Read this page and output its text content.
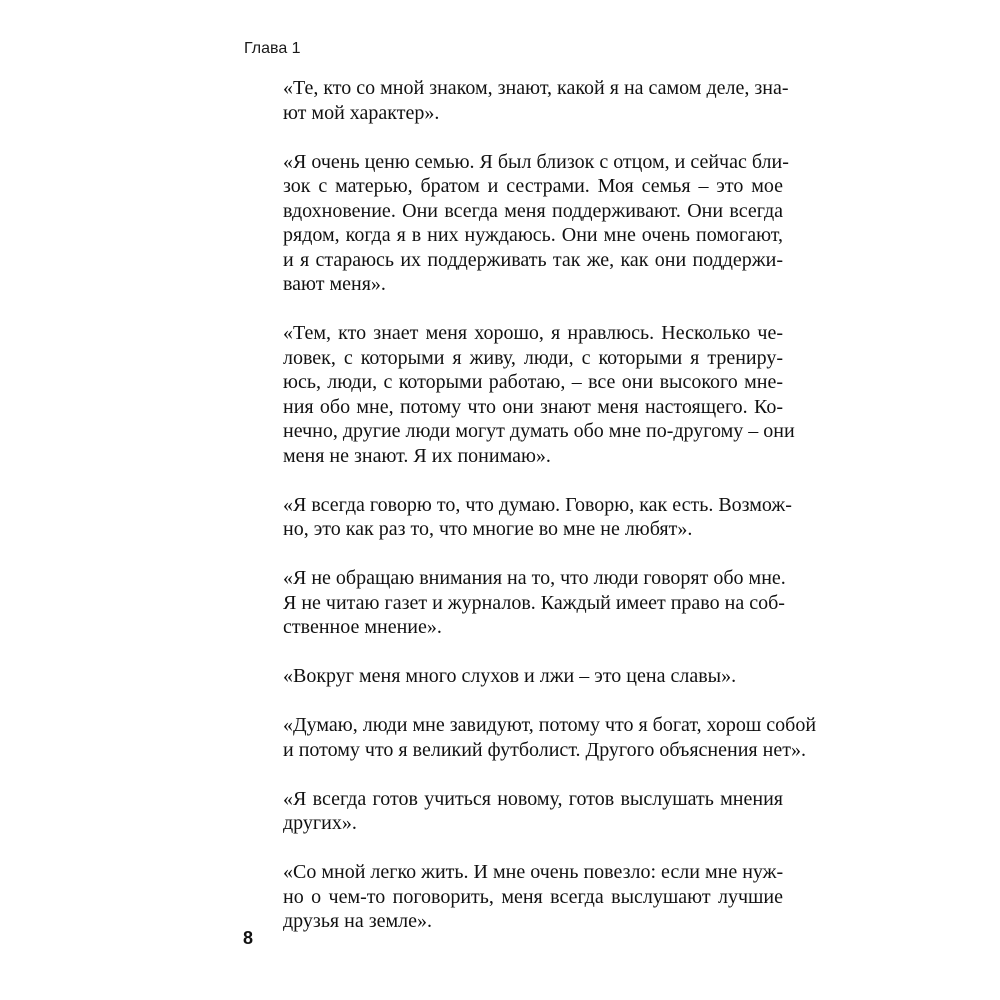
Глава 1
«Те, кто со мной знаком, знают, какой я на самом деле, зна-
ют мой характер».
«Я очень ценю семью. Я был близок с отцом, и сейчас бли-
зок с матерью, братом и сестрами. Моя семья – это мое
вдохновение. Они всегда меня поддерживают. Они всегда
рядом, когда я в них нуждаюсь. Они мне очень помогают,
и я стараюсь их поддерживать так же, как они поддержи-
вают меня».
«Тем, кто знает меня хорошо, я нравлюсь. Несколько че-
ловек, с которыми я живу, люди, с которыми я трениру-
юсь, люди, с которыми работаю, – все они высокого мне-
ния обо мне, потому что они знают меня настоящего. Ко-
нечно, другие люди могут думать обо мне по-другому – они
меня не знают. Я их понимаю».
«Я всегда говорю то, что думаю. Говорю, как есть. Возмож-
но, это как раз то, что многие во мне не любят».
«Я не обращаю внимания на то, что люди говорят обо мне.
Я не читаю газет и журналов. Каждый имеет право на соб-
ственное мнение».
«Вокруг меня много слухов и лжи – это цена славы».
«Думаю, люди мне завидуют, потому что я богат, хорош собой
и потому что я великий футболист. Другого объяснения нет».
«Я всегда готов учиться новому, готов выслушать мнения
других».
«Со мной легко жить. И мне очень повезло: если мне нуж-
но о чем-то поговорить, меня всегда выслушают лучшие
друзья на земле».
8
